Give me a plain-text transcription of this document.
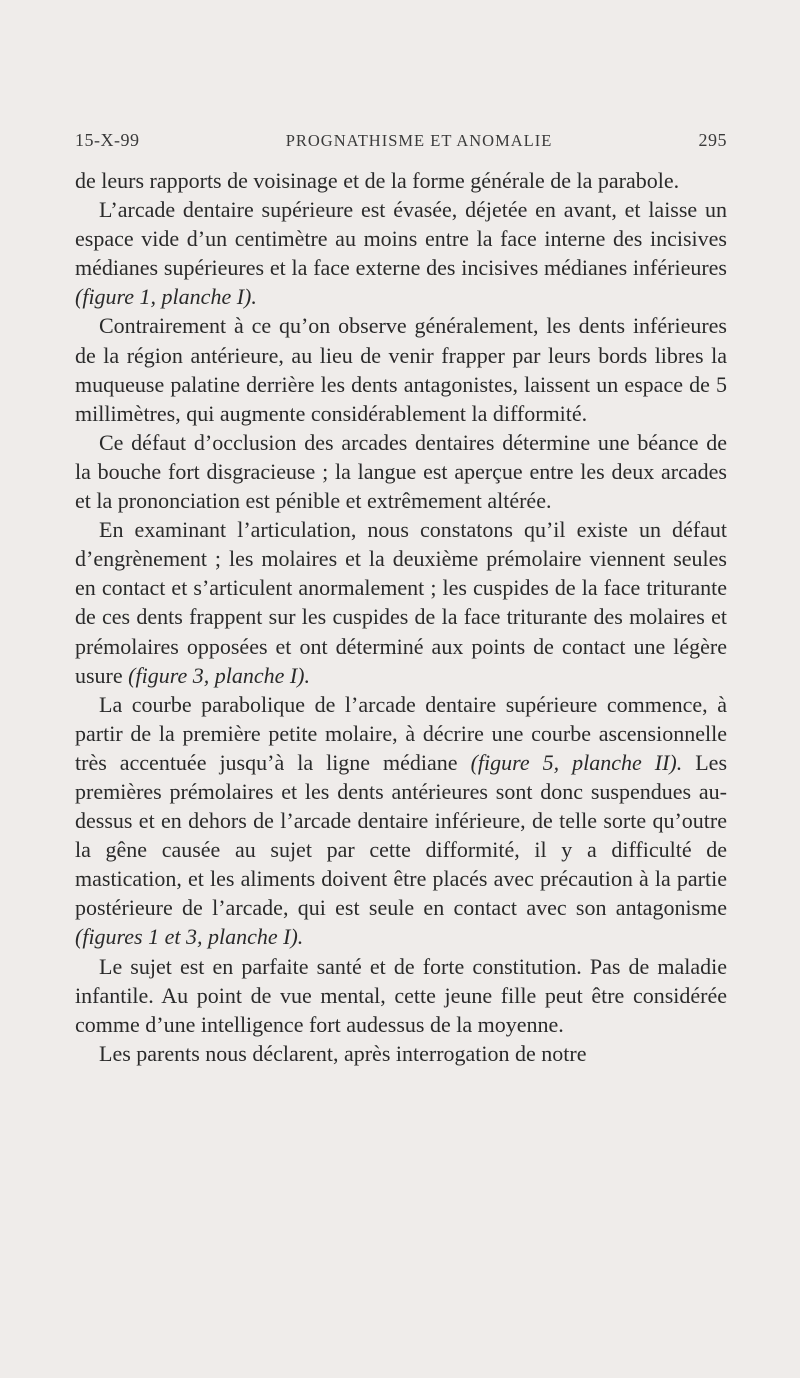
15-X-99	PROGNATHISME ET ANOMALIE	295

de leurs rapports de voisinage et de la forme générale de la parabole.

L’arcade dentaire supérieure est évasée, déjetée en avant, et laisse un espace vide d’un centimètre au moins entre la face interne des incisives médianes supérieures et la face externe des incisives médianes inférieures (figure 1, planche I).

Contrairement à ce qu’on observe généralement, les dents inférieures de la région antérieure, au lieu de venir frapper par leurs bords libres la muqueuse palatine derrière les dents antagonistes, laissent un espace de 5 millimètres, qui augmente considérablement la difformité.

Ce défaut d’occlusion des arcades dentaires détermine une béance de la bouche fort disgracieuse ; la langue est aperçue entre les deux arcades et la prononciation est pénible et extrêmement altérée.

En examinant l’articulation, nous constatons qu’il existe un défaut d’engrènement ; les molaires et la deuxième prémolaire viennent seules en contact et s’articulent anormalement ; les cuspides de la face triturante de ces dents frappent sur les cuspides de la face triturante des molaires et prémolaires opposées et ont déterminé aux points de contact une légère usure (figure 3, planche I).

La courbe parabolique de l’arcade dentaire supérieure commence, à partir de la première petite molaire, à décrire une courbe ascensionnelle très accentuée jusqu’à la ligne médiane (figure 5, planche II). Les premières prémolaires et les dents antérieures sont donc suspendues au-dessus et en dehors de l’arcade dentaire inférieure, de telle sorte qu’outre la gêne causée au sujet par cette difformité, il y a difficulté de mastication, et les aliments doivent être placés avec précaution à la partie postérieure de l’arcade, qui est seule en contact avec son antagonisme (figures 1 et 3, planche I).

Le sujet est en parfaite santé et de forte constitution. Pas de maladie infantile. Au point de vue mental, cette jeune fille peut être considérée comme d’une intelligence fort audessus de la moyenne.

Les parents nous déclarent, après interrogation de notre
